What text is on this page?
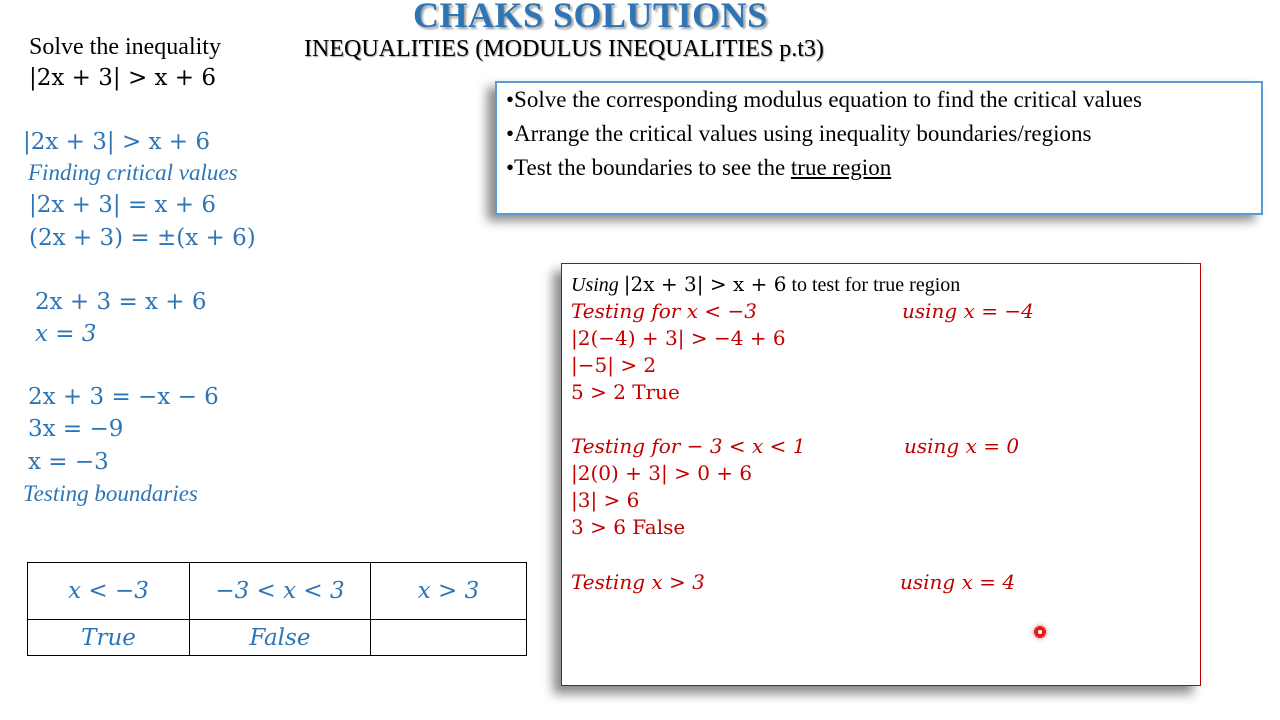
CHAKS SOLUTIONS
INEQUALITIES (MODULUS INEQUALITIES p.t3)
Solve the inequality
|2x + 3| > x + 6
|2x + 3| > x + 6
Finding critical values
|2x + 3| = x + 6
(2x + 3) = ±(x + 6)
2x + 3 = x + 6
x = 3
2x + 3 = −x − 6
3x = −9
x = −3
Testing boundaries
•Solve the corresponding modulus equation to find the critical values
•Arrange the critical values using inequality boundaries/regions
•Test the boundaries to see the true region
Using |2x + 3| > x + 6 to test for true region
Testing for x < −3	using x = −4
|2(−4) + 3| > −4 + 6
|−5| > 2
5 > 2 True
Testing for − 3 < x < 1	using x = 0
|2(0) + 3| > 0 + 6
|3| > 6
3 > 6 False
Testing x > 3	using x = 4
x < −3	−3 < x < 3	x > 3
True	False	
